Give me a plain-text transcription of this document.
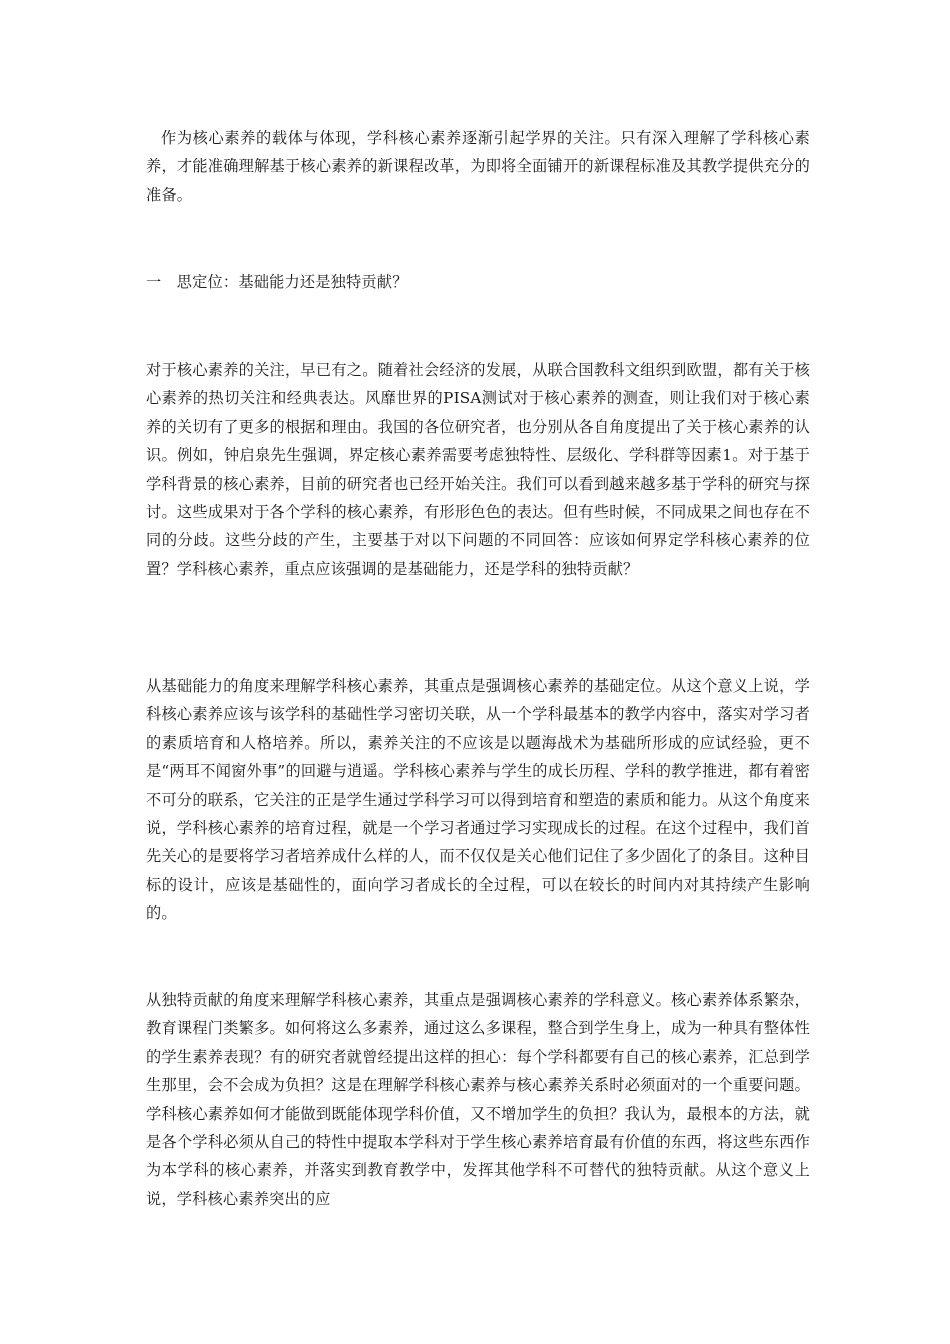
作为核心素养的载体与体现，学科核心素养逐渐引起学界的关注。只有深入理解了学科核心素养，才能准确理解基于核心素养的新课程改革，为即将全面铺开的新课程标准及其教学提供充分的准备。

一　思定位：基础能力还是独特贡献？

对于核心素养的关注，早已有之。随着社会经济的发展，从联合国教科文组织到欧盟，都有关于核心素养的热切关注和经典表达。风靡世界的PISA测试对于核心素养的测查，则让我们对于核心素养的关切有了更多的根据和理由。我国的各位研究者，也分别从各自角度提出了关于核心素养的认识。例如，钟启泉先生强调，界定核心素养需要考虑独特性、层级化、学科群等因素1。对于基于学科背景的核心素养，目前的研究者也已经开始关注。我们可以看到越来越多基于学科的研究与探讨。这些成果对于各个学科的核心素养，有形形色色的表达。但有些时候，不同成果之间也存在不同的分歧。这些分歧的产生，主要基于对以下问题的不同回答：应该如何界定学科核心素养的位置？学科核心素养，重点应该强调的是基础能力，还是学科的独特贡献？

从基础能力的角度来理解学科核心素养，其重点是强调核心素养的基础定位。从这个意义上说，学科核心素养应该与该学科的基础性学习密切关联，从一个学科最基本的教学内容中，落实对学习者的素质培育和人格培养。所以，素养关注的不应该是以题海战术为基础所形成的应试经验，更不是“两耳不闻窗外事”的回避与逍遥。学科核心素养与学生的成长历程、学科的教学推进，都有着密不可分的联系，它关注的正是学生通过学科学习可以得到培育和塑造的素质和能力。从这个角度来说，学科核心素养的培育过程，就是一个学习者通过学习实现成长的过程。在这个过程中，我们首先关心的是要将学习者培养成什么样的人，而不仅仅是关心他们记住了多少固化了的条目。这种目标的设计，应该是基础性的，面向学习者成长的全过程，可以在较长的时间内对其持续产生影响的。

从独特贡献的角度来理解学科核心素养，其重点是强调核心素养的学科意义。核心素养体系繁杂，教育课程门类繁多。如何将这么多素养，通过这么多课程，整合到学生身上，成为一种具有整体性的学生素养表现？有的研究者就曾经提出这样的担心：每个学科都要有自己的核心素养，汇总到学生那里，会不会成为负担？这是在理解学科核心素养与核心素养关系时必须面对的一个重要问题。学科核心素养如何才能做到既能体现学科价值，又不增加学生的负担？我认为，最根本的方法，就是各个学科必须从自己的特性中提取本学科对于学生核心素养培育最有价值的东西，将这些东西作为本学科的核心素养，并落实到教育教学中，发挥其他学科不可替代的独特贡献。从这个意义上说，学科核心素养突出的应
